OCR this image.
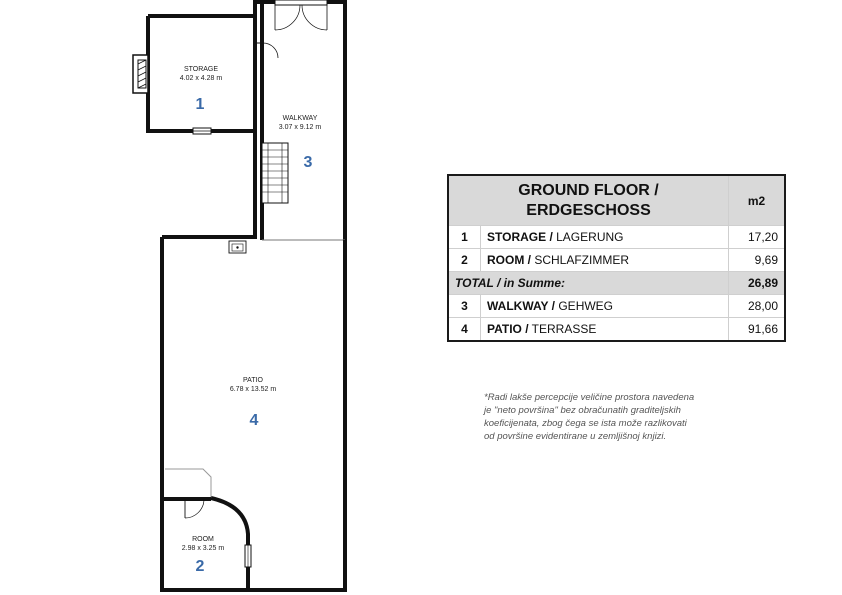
STORAGE
4.02 x 4.28 m
1
WALKWAY
3.07 x 9.12 m
3
PATIO
6.78 x 13.52 m
4
ROOM
2.98 x 3.25 m
2
GROUND FLOOR /
ERDGESCHOSS		m2
1	STORAGE / LAGERUNG	17,20
2	ROOM / SCHLAFZIMMER	9,69
TOTAL / in Summe:		26,89
3	WALKWAY / GEHWEG	28,00
4	PATIO / TERRASSE	91,66
*Radi lakše percepcije veličine prostora navedena
je "neto površina" bez obračunatih graditeljskih
koeficijenata, zbog čega se ista može razlikovati
od površine evidentirane u zemljišnoj knjizi.
